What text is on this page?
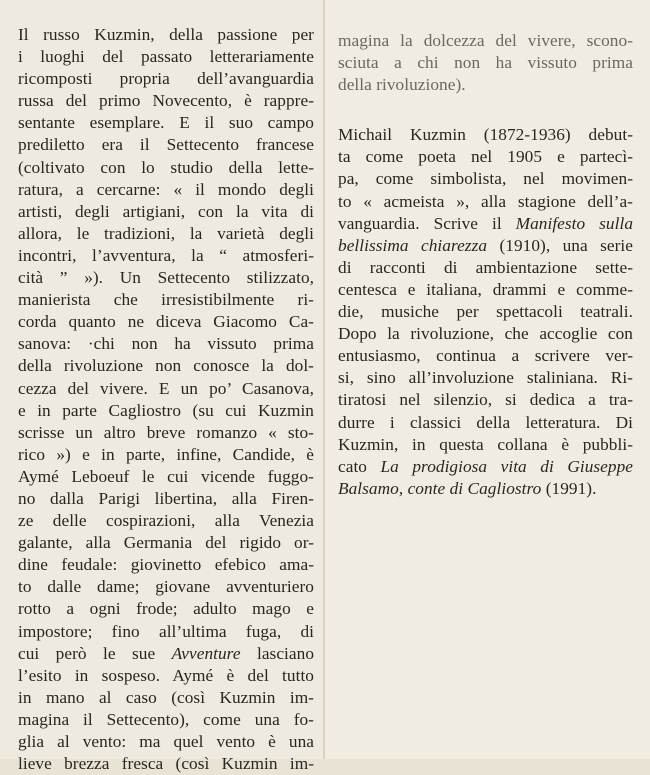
Il russo Kuzmin, della passione per
i luoghi del passato letterariamente
ricomposti propria dell’avanguardia
russa del primo Novecento, è rappre-
sentante esemplare. E il suo campo
prediletto era il Settecento francese
(coltivato con lo studio della lette-
ratura, a cercarne: « il mondo degli
artisti, degli artigiani, con la vita di
allora, le tradizioni, la varietà degli
incontri, l’avventura, la “ atmosferi-
cità ” »). Un Settecento stilizzato,
manierista che irresistibilmente ri-
corda quanto ne diceva Giacomo Ca-
sanova: ·chi non ha vissuto prima
della rivoluzione non conosce la dol-
cezza del vivere. E un po’ Casanova,
e in parte Cagliostro (su cui Kuzmin
scrisse un altro breve romanzo « sto-
rico ») e in parte, infine, Candide, è
Aymé Leboeuf le cui vicende fuggo-
no dalla Parigi libertina, alla Firen-
ze delle cospirazioni, alla Venezia
galante, alla Germania del rigido or-
dine feudale: giovinetto efebico ama-
to dalle dame; giovane avventuriero
rotto a ogni frode; adulto mago e
impostore; fino all’ultima fuga, di
cui però le sue Avventure lasciano
l’esito in sospeso. Aymé è del tutto
in mano al caso (così Kuzmin im-
magina il Settecento), come una fo-
glia al vento: ma quel vento è una
lieve brezza fresca (così Kuzmin im-
magina la dolcezza del vivere, scono-
sciuta a chi non ha vissuto prima
della rivoluzione).
Michail Kuzmin (1872-1936) debut-
ta come poeta nel 1905 e partecì-
pa, come simbolista, nel movimen-
to « acmeista », alla stagione dell’a-
vanguardia. Scrive il Manifesto sulla
bellissima chiarezza (1910), una serie
di racconti di ambientazione sette-
centesca e italiana, drammi e comme-
die, musiche per spettacoli teatrali.
Dopo la rivoluzione, che accoglie con
entusiasmo, continua a scrivere ver-
si, sino all’involuzione staliniana. Ri-
tiratosi nel silenzio, si dedica a tra-
durre i classici della letteratura. Di
Kuzmin, in questa collana è pubbli-
cato La prodigiosa vita di Giuseppe
Balsamo, conte di Cagliostro (1991).
